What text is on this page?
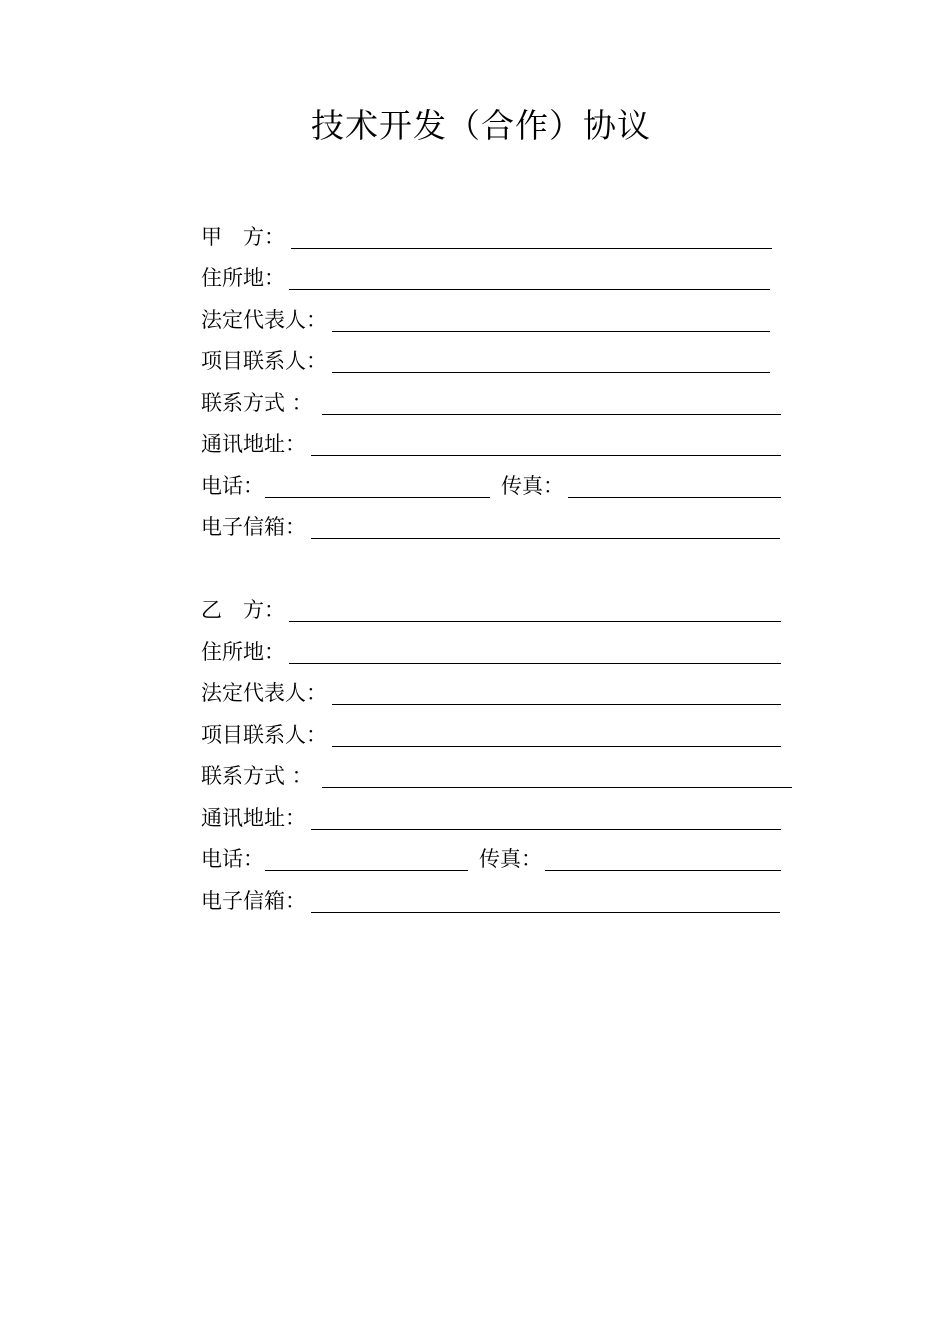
技术开发（合作）协议
甲　方：
住所地：
法定代表人：
项目联系人：
联系方式 ：
通讯地址：
电话：	传真：
电子信箱：
乙　方：
住所地：
法定代表人：
项目联系人：
联系方式 ：
通讯地址：
电话：	传真：
电子信箱：
